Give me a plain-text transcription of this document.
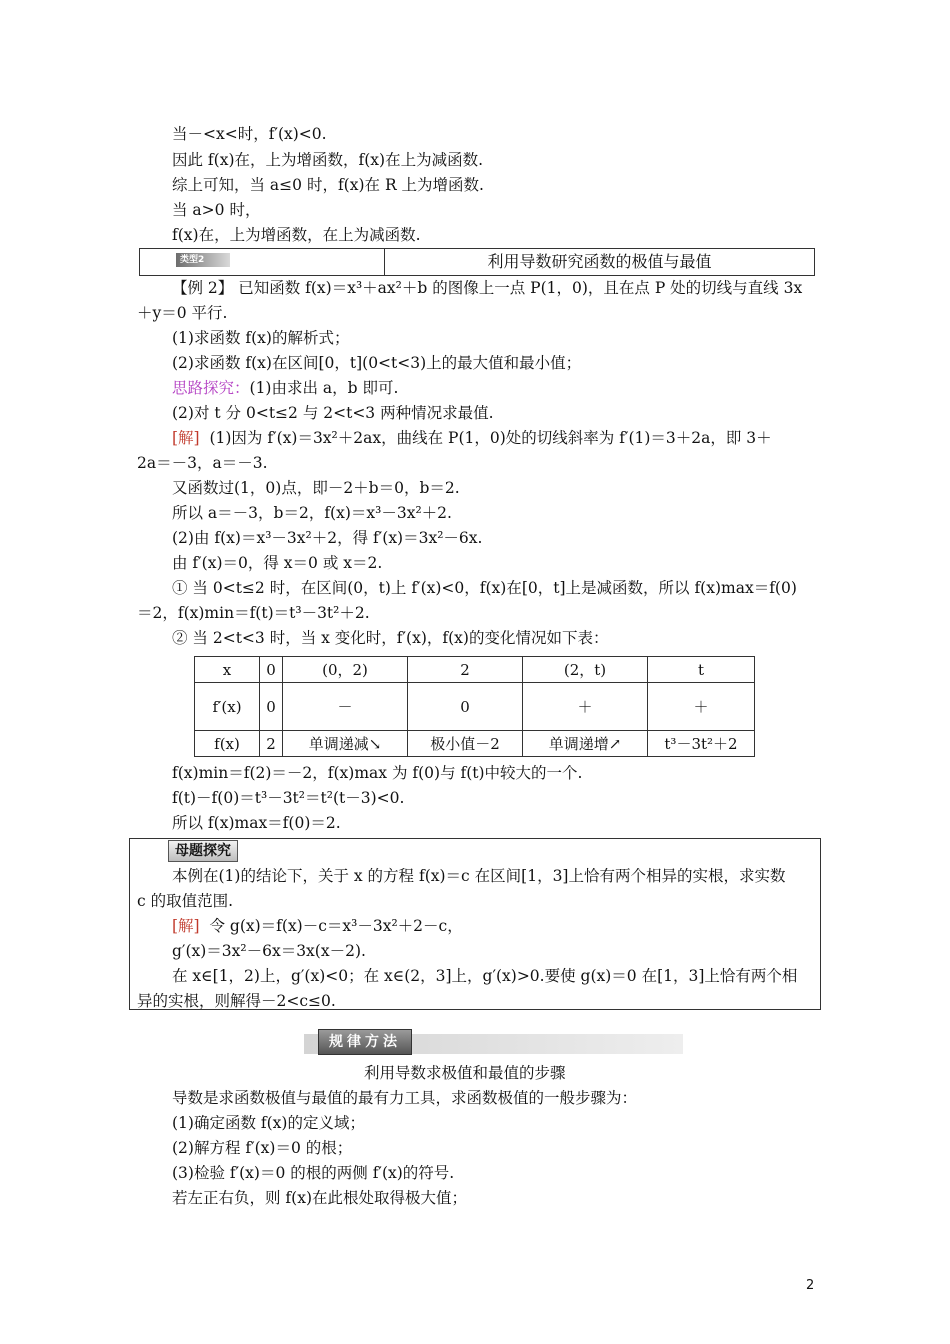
当－<x<时，f′(x)<0.
因此 f(x)在，上为增函数，f(x)在上为减函数.
综上可知，当 a≤0 时，f(x)在 R 上为增函数.
当 a>0 时，
f(x)在，上为增函数，在上为减函数.
类型2	利用导数研究函数的极值与最值
【例 2】 已知函数 f(x)＝x³＋ax²＋b 的图像上一点 P(1，0)，且在点 P 处的切线与直线 3x
＋y＝0 平行.
(1)求函数 f(x)的解析式；
(2)求函数 f(x)在区间[0，t](0<t<3)上的最大值和最小值；
思路探究：(1)由求出 a，b 即可.
(2)对 t 分 0<t≤2 与 2<t<3 两种情况求最值.
[解] (1)因为 f′(x)＝3x²＋2ax，曲线在 P(1，0)处的切线斜率为 f′(1)＝3＋2a，即 3＋
2a＝－3，a＝－3.
又函数过(1，0)点，即－2＋b＝0，b＝2.
所以 a＝－3，b＝2，f(x)＝x³－3x²＋2.
(2)由 f(x)＝x³－3x²＋2，得 f′(x)＝3x²－6x.
由 f′(x)＝0，得 x＝0 或 x＝2.
① 当 0<t≤2 时，在区间(0，t)上 f′(x)<0，f(x)在[0，t]上是减函数，所以 f(x)max＝f(0)
＝2，f(x)min＝f(t)＝t³－3t²＋2.
② 当 2<t<3 时，当 x 变化时，f′(x)，f(x)的变化情况如下表：
x	0	(0，2)	2	(2，t)	t
f′(x)	0	－	0	＋	＋
f(x)	2	单调递减↘	极小值－2	单调递增↗	t³－3t²＋2
f(x)min＝f(2)＝－2，f(x)max 为 f(0)与 f(t)中较大的一个.
f(t)－f(0)＝t³－3t²＝t²(t－3)<0.
所以 f(x)max＝f(0)＝2.
母题探究
本例在(1)的结论下，关于 x 的方程 f(x)＝c 在区间[1，3]上恰有两个相异的实根，求实数
c 的取值范围.
[解] 令 g(x)＝f(x)－c＝x³－3x²＋2－c，
g′(x)＝3x²－6x＝3x(x－2).
在 x∈[1，2)上，g′(x)<0；在 x∈(2，3]上，g′(x)>0.要使 g(x)＝0 在[1，3]上恰有两个相
异的实根，则解得－2<c≤0.
规律方法
利用导数求极值和最值的步骤
导数是求函数极值与最值的最有力工具，求函数极值的一般步骤为：
(1)确定函数 f(x)的定义域；
(2)解方程 f′(x)＝0 的根；
(3)检验 f′(x)＝0 的根的两侧 f′(x)的符号.
若左正右负，则 f(x)在此根处取得极大值；
2
